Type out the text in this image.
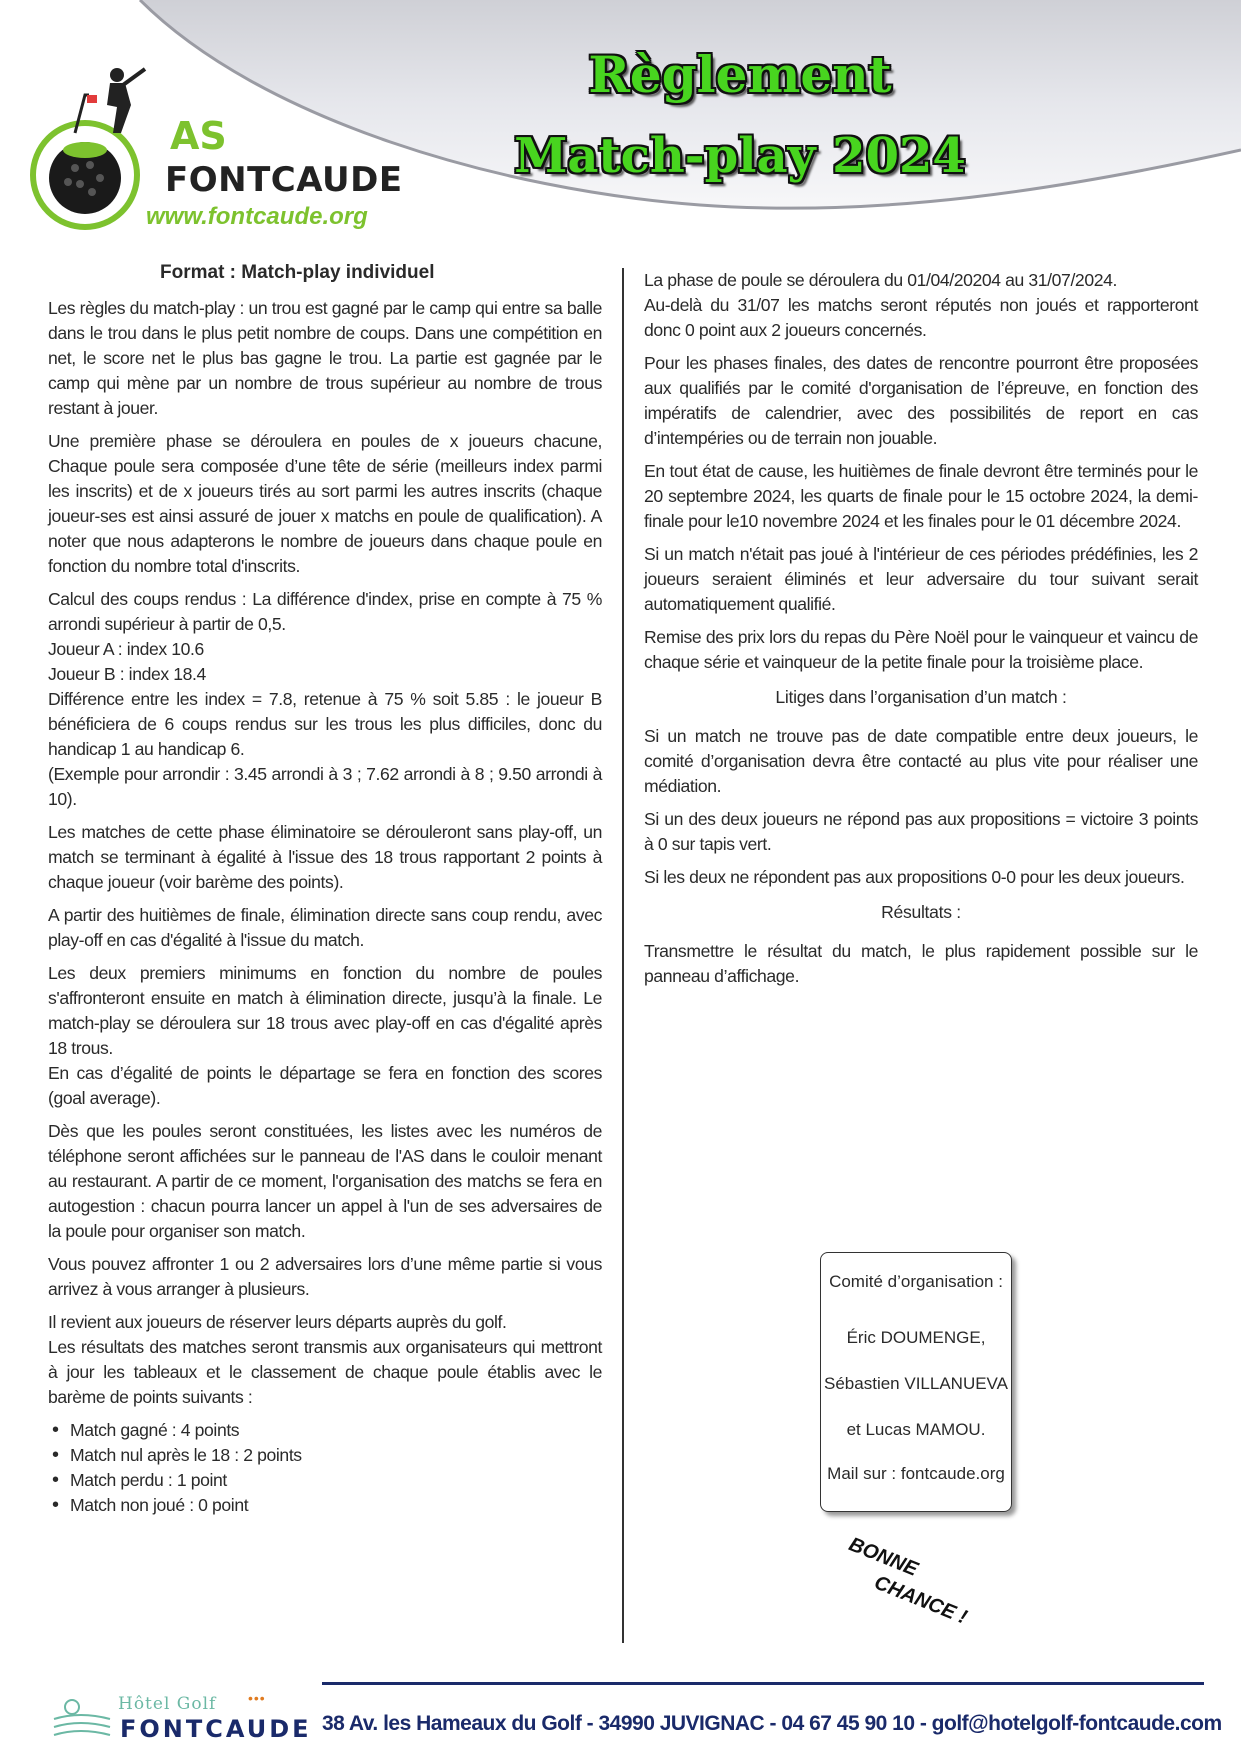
AS
FONTCAUDE
www.fontcaude.org
Règlement
Match-play 2024
Format : Match-play individuel

Les règles du match-play : un trou est gagné par le camp qui entre sa balle dans le trou dans le plus petit nombre de coups. Dans une compétition en net, le score net le plus bas gagne le trou. La partie est gagnée par le camp qui mène par un nombre de trous supérieur au nombre de trous restant à jouer.

Une première phase se déroulera en poules de x joueurs chacune, Chaque poule sera composée d’une tête de série (meilleurs index parmi les inscrits) et de x joueurs tirés au sort parmi les autres inscrits (chaque joueur-ses est ainsi assuré de jouer x matchs en poule de qualification). A noter que nous adapterons le nombre de joueurs dans chaque poule en fonction du nombre total d'inscrits.

Calcul des coups rendus : La différence d'index, prise en compte à 75 % arrondi supérieur à partir de 0,5.

Joueur A : index 10.6

Joueur B : index 18.4

Différence entre les index = 7.8, retenue à 75 % soit 5.85 : le joueur B bénéficiera de 6 coups rendus sur les trous les plus difficiles, donc du handicap 1 au handicap 6.

(Exemple pour arrondir : 3.45 arrondi à 3 ; 7.62 arrondi à 8 ; 9.50 arrondi à 10).

Les matches de cette phase éliminatoire se dérouleront sans play-off, un match se terminant à égalité à l'issue des 18 trous rapportant 2 points à chaque joueur (voir barème des points).

A partir des huitièmes de finale, élimination directe sans coup rendu, avec play-off en cas d'égalité à l'issue du match.

Les deux premiers minimums en fonction du nombre de poules s'affronteront ensuite en match à élimination directe, jusqu’à la finale. Le match-play se déroulera sur 18 trous avec play-off en cas d'égalité après 18 trous.

En cas d’égalité de points le départage se fera en fonction des scores (goal average).

Dès que les poules seront constituées, les listes avec les numéros de téléphone seront affichées sur le panneau de l'AS dans le couloir menant au restaurant. A partir de ce moment, l'organisation des matchs se fera en autogestion : chacun pourra lancer un appel à l'un de ses adversaires de la poule pour organiser son match.

Vous pouvez affronter 1 ou 2 adversaires lors d’une même partie si vous arrivez à vous arranger à plusieurs.

Il revient aux joueurs de réserver leurs départs auprès du golf.

Les résultats des matches seront transmis aux organisateurs qui mettront à jour les tableaux et le classement de chaque poule établis avec le barème de points suivants :

• Match gagné : 4 points
• Match nul après le 18 : 2 points
• Match perdu : 1 point
• Match non joué : 0 point

La phase de poule se déroulera du 01/04/20204 au 31/07/2024.

Au-delà du 31/07 les matchs seront réputés non joués et rapporteront donc 0 point aux 2 joueurs concernés.

Pour les phases finales, des dates de rencontre pourront être proposées aux qualifiés par le comité d'organisation de l’épreuve, en fonction des impératifs de calendrier, avec des possibilités de report en cas d’intempéries ou de terrain non jouable.

En tout état de cause, les huitièmes de finale devront être terminés pour le 20 septembre 2024, les quarts de finale pour le 15 octobre 2024, la demi-finale pour le10 novembre 2024 et les finales pour le 01 décembre 2024.

Si un match n'était pas joué à l'intérieur de ces périodes prédéfinies, les 2 joueurs seraient éliminés et leur adversaire du tour suivant serait automatiquement qualifié.

Remise des prix lors du repas du Père Noël pour le vainqueur et vaincu de chaque série et vainqueur de la petite finale pour la troisième place.

Litiges dans l’organisation d’un match :

Si un match ne trouve pas de date compatible entre deux joueurs, le comité d’organisation devra être contacté au plus vite pour réaliser une médiation.

Si un des deux joueurs ne répond pas aux propositions = victoire 3 points à 0 sur tapis vert.

Si les deux ne répondent pas aux propositions 0-0 pour les deux joueurs.

Résultats :

Transmettre le résultat du match, le plus rapidement possible sur le panneau d’affichage.

Comité d’organisation :
Éric DOUMENGE,
Sébastien VILLANUEVA
et Lucas MAMOU.
Mail sur : fontcaude.org
BONNE
CHANCE !
Hôtel Golf •••
FONTCAUDE 38 Av. les Hameaux du Golf - 34990 JUVIGNAC - 04 67 45 90 10 - golf@hotelgolf-fontcaude.com
